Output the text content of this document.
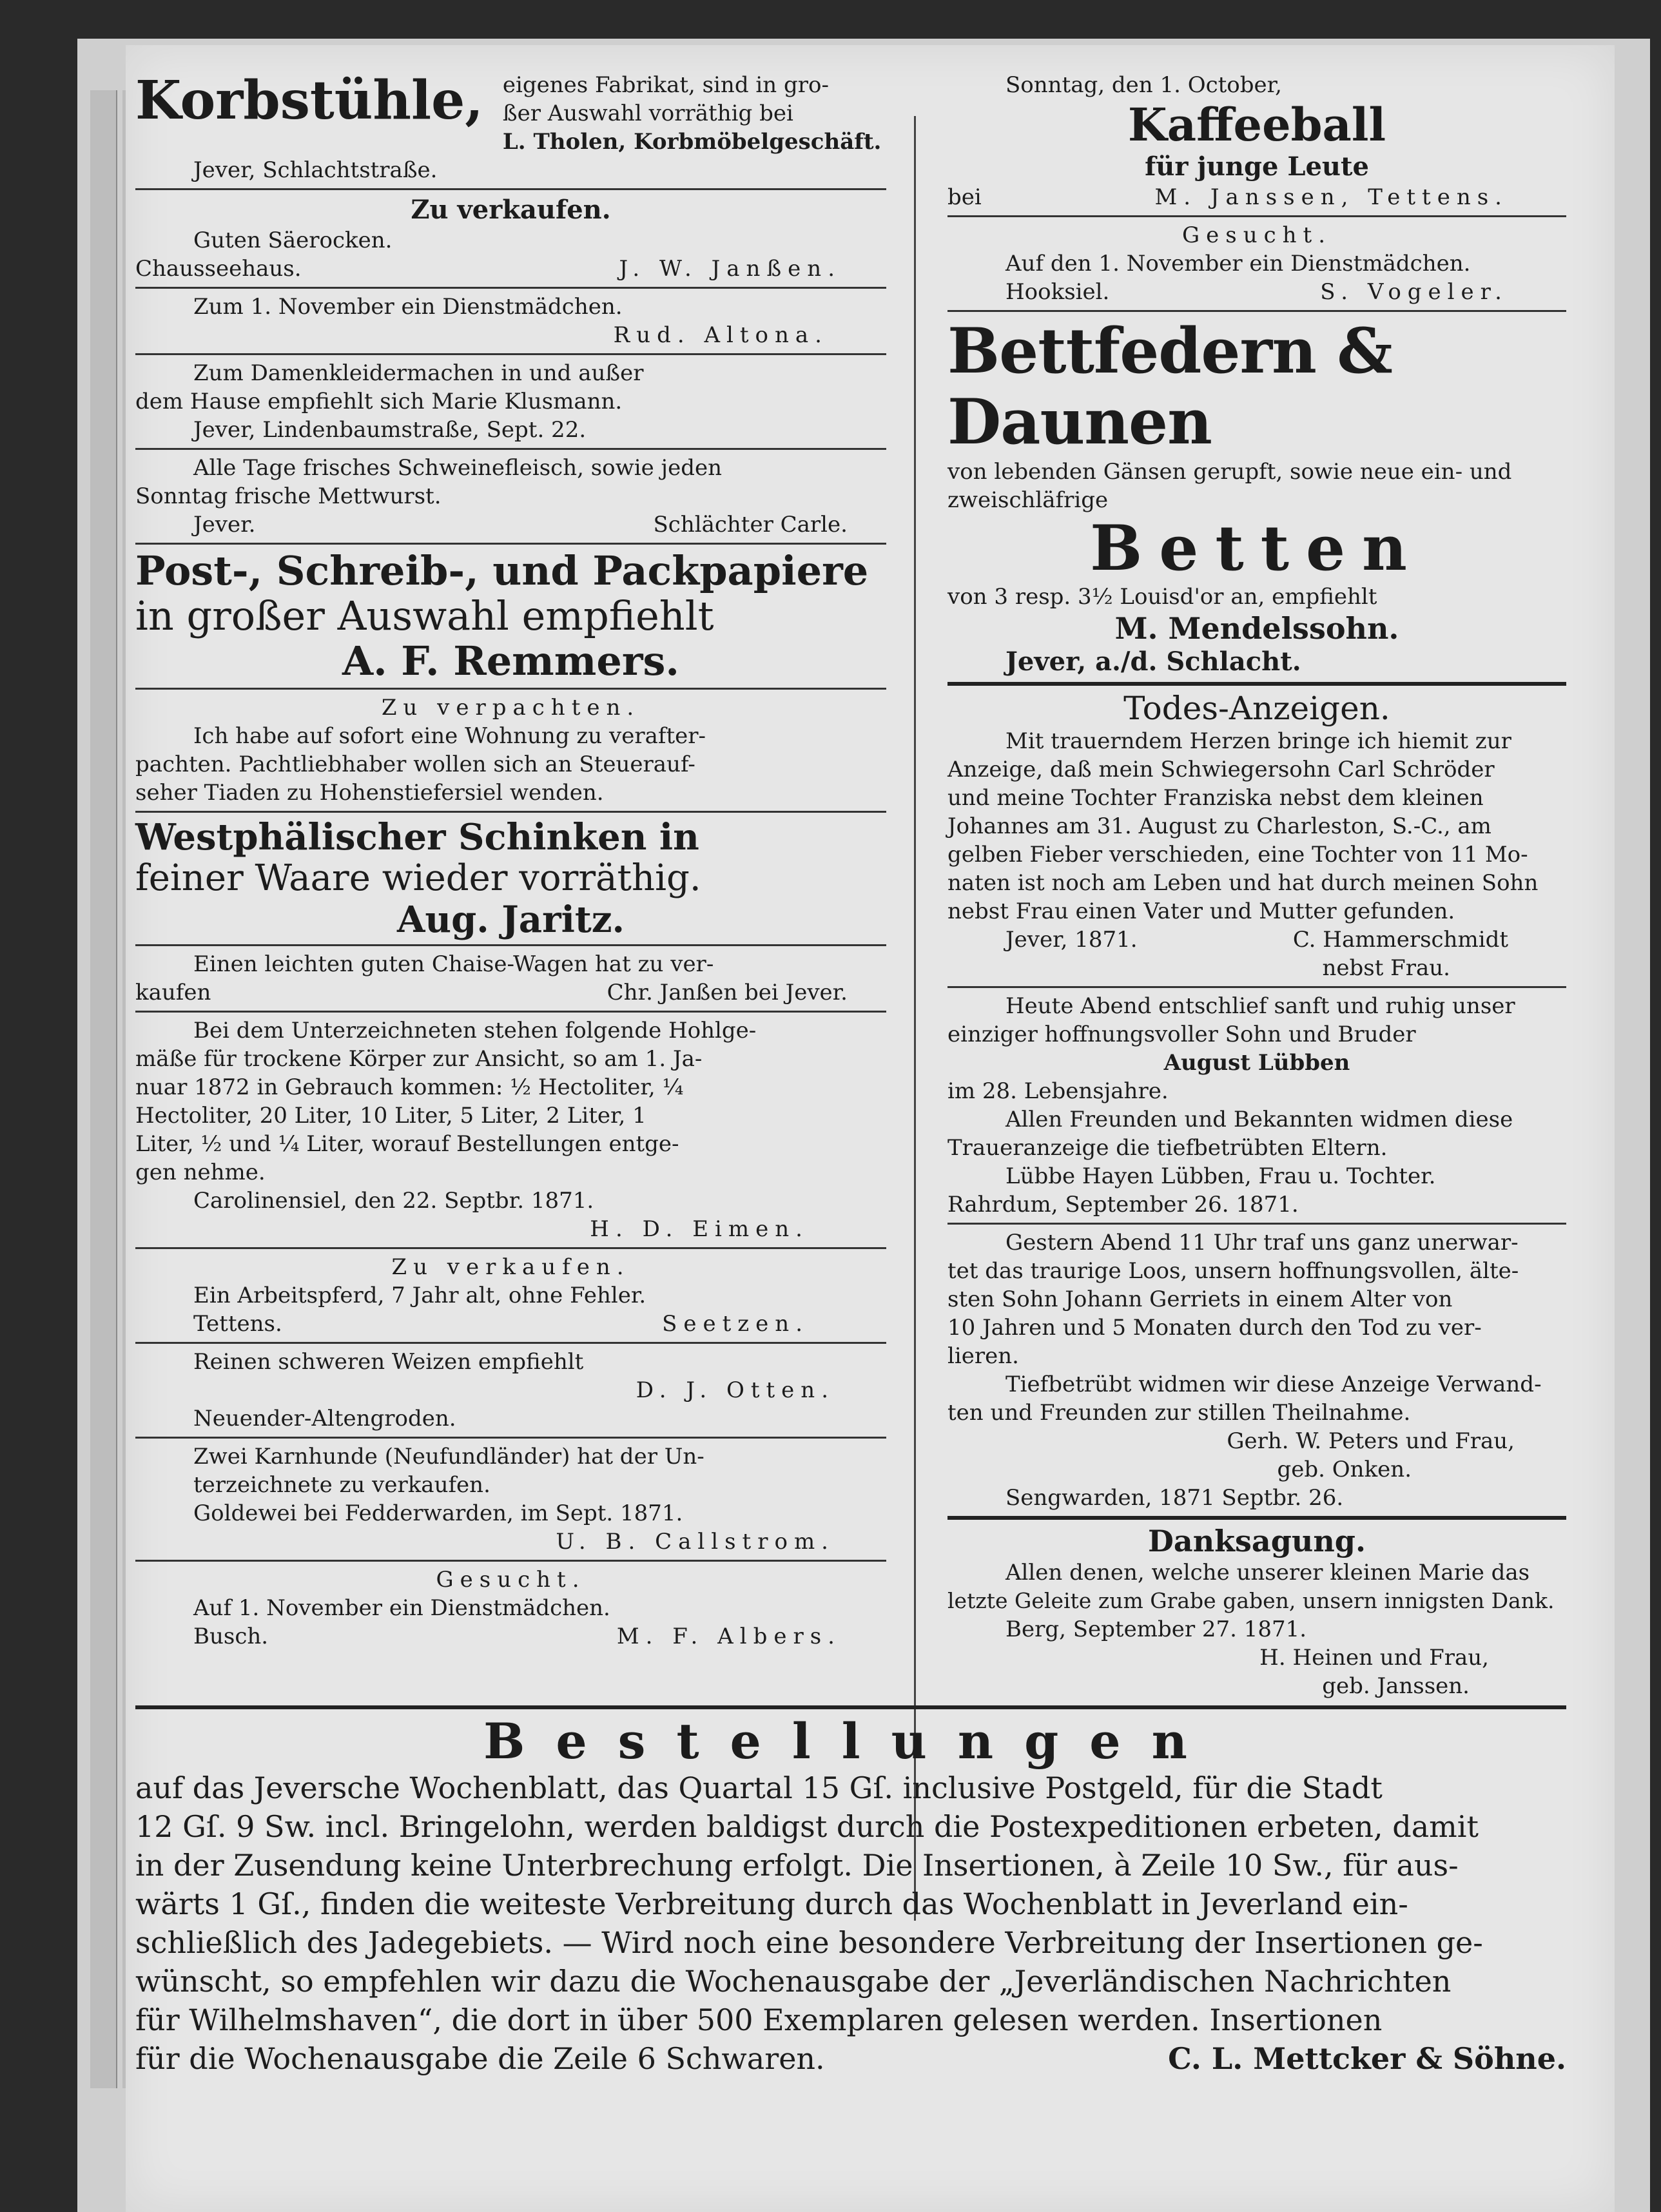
Korbstühle, eigenes Fabrikat, sind in gro-
ßer Auswahl vorräthig bei
L. Tholen, Korbmöbelgeschäft.
Jever, Schlachtstraße.
Zu verkaufen.
Guten Säerocken.
Chausseehaus.	J. W. Janßen.
Zum 1. November ein Dienstmädchen.
Rud. Altona.
Zum Damenkleidermachen in und außer
dem Hause empfiehlt sich Marie Klusmann.
Jever, Lindenbaumstraße, Sept. 22.
Alle Tage frisches Schweinefleisch, sowie jeden
Sonntag frische Mettwurst.
Jever.	Schlächter Carle.
Post-, Schreib-, und Packpapiere
in großer Auswahl empfiehlt
A. F. Remmers.
Zu verpachten.
Ich habe auf sofort eine Wohnung zu verafter-
pachten. Pachtliebhaber wollen sich an Steuerauf-
seher Tiaden zu Hohenstiefersiel wenden.
Westphälischer Schinken in
feiner Waare wieder vorräthig.
Aug. Jaritz.
Einen leichten guten Chaise-Wagen hat zu ver-
kaufen	Chr. Janßen bei Jever.
Bei dem Unterzeichneten stehen folgende Hohlge-
mäße für trockene Körper zur Ansicht, so am 1. Ja-
nuar 1872 in Gebrauch kommen: ½ Hectoliter, ¼
Hectoliter, 20 Liter, 10 Liter, 5 Liter, 2 Liter, 1
Liter, ½ und ¼ Liter, worauf Bestellungen entge-
gen nehme.
Carolinensiel, den 22. Septbr. 1871.
H. D. Eimen.
Zu verkaufen.
Ein Arbeitspferd, 7 Jahr alt, ohne Fehler.
Tettens.	Seetzen.
Reinen schweren Weizen empfiehlt
D. J. Otten.
Neuender-Altengroden.
Zwei Karnhunde (Neufundländer) hat der Un-
terzeichnete zu verkaufen.
Goldewei bei Fedderwarden, im Sept. 1871.
U. B. Callstrom.
Gesucht.
Auf 1. November ein Dienstmädchen.
Busch.	M. F. Albers.
Sonntag, den 1. October,
Kaffeeball
für junge Leute
bei	M. Janssen, Tettens.
Gesucht.
Auf den 1. November ein Dienstmädchen.
Hooksiel.	S. Vogeler.
Bettfedern & Daunen
von lebenden Gänsen gerupft, sowie neue ein- und
zweischläfrige
Betten
von 3 resp. 3½ Louisd'or an, empfiehlt
M. Mendelssohn.
Jever, a./d. Schlacht.
Todes-Anzeigen.
Mit trauerndem Herzen bringe ich hiemit zur
Anzeige, daß mein Schwiegersohn Carl Schröder
und meine Tochter Franziska nebst dem kleinen
Johannes am 31. August zu Charleston, S.-C., am
gelben Fieber verschieden, eine Tochter von 11 Mo-
naten ist noch am Leben und hat durch meinen Sohn
nebst Frau einen Vater und Mutter gefunden.
Jever, 1871.	C. Hammerschmidt
nebst Frau.
Heute Abend entschlief sanft und ruhig unser
einziger hoffnungsvoller Sohn und Bruder
August Lübben
im 28. Lebensjahre.
Allen Freunden und Bekannten widmen diese
Traueranzeige die tiefbetrübten Eltern.
Lübbe Hayen Lübben, Frau u. Tochter.
Rahrdum, September 26. 1871.
Gestern Abend 11 Uhr traf uns ganz unerwar-
tet das traurige Loos, unsern hoffnungsvollen, älte-
sten Sohn Johann Gerriets in einem Alter von
10 Jahren und 5 Monaten durch den Tod zu ver-
lieren.
Tiefbetrübt widmen wir diese Anzeige Verwand-
ten und Freunden zur stillen Theilnahme.
Gerh. W. Peters und Frau,
geb. Onken.
Sengwarden, 1871 Septbr. 26.
Danksagung.
Allen denen, welche unserer kleinen Marie das
letzte Geleite zum Grabe gaben, unsern innigsten Dank.
Berg, September 27. 1871.
H. Heinen und Frau,
geb. Janssen.
Bestellungen
auf das Jeversche Wochenblatt, das Quartal 15 Gſ. inclusive Postgeld, für die Stadt
12 Gſ. 9 Sw. incl. Bringelohn, werden baldigst durch die Postexpeditionen erbeten, damit
in der Zusendung keine Unterbrechung erfolgt. Die Insertionen, à Zeile 10 Sw., für aus-
wärts 1 Gſ., finden die weiteste Verbreitung durch das Wochenblatt in Jeverland ein-
schließlich des Jadegebiets. — Wird noch eine besondere Verbreitung der Insertionen ge-
wünscht, so empfehlen wir dazu die Wochenausgabe der „Jeverländischen Nachrichten
für Wilhelmshaven“, die dort in über 500 Exemplaren gelesen werden. Insertionen
für die Wochenausgabe die Zeile 6 Schwaren.	C. L. Mettcker & Söhne.
